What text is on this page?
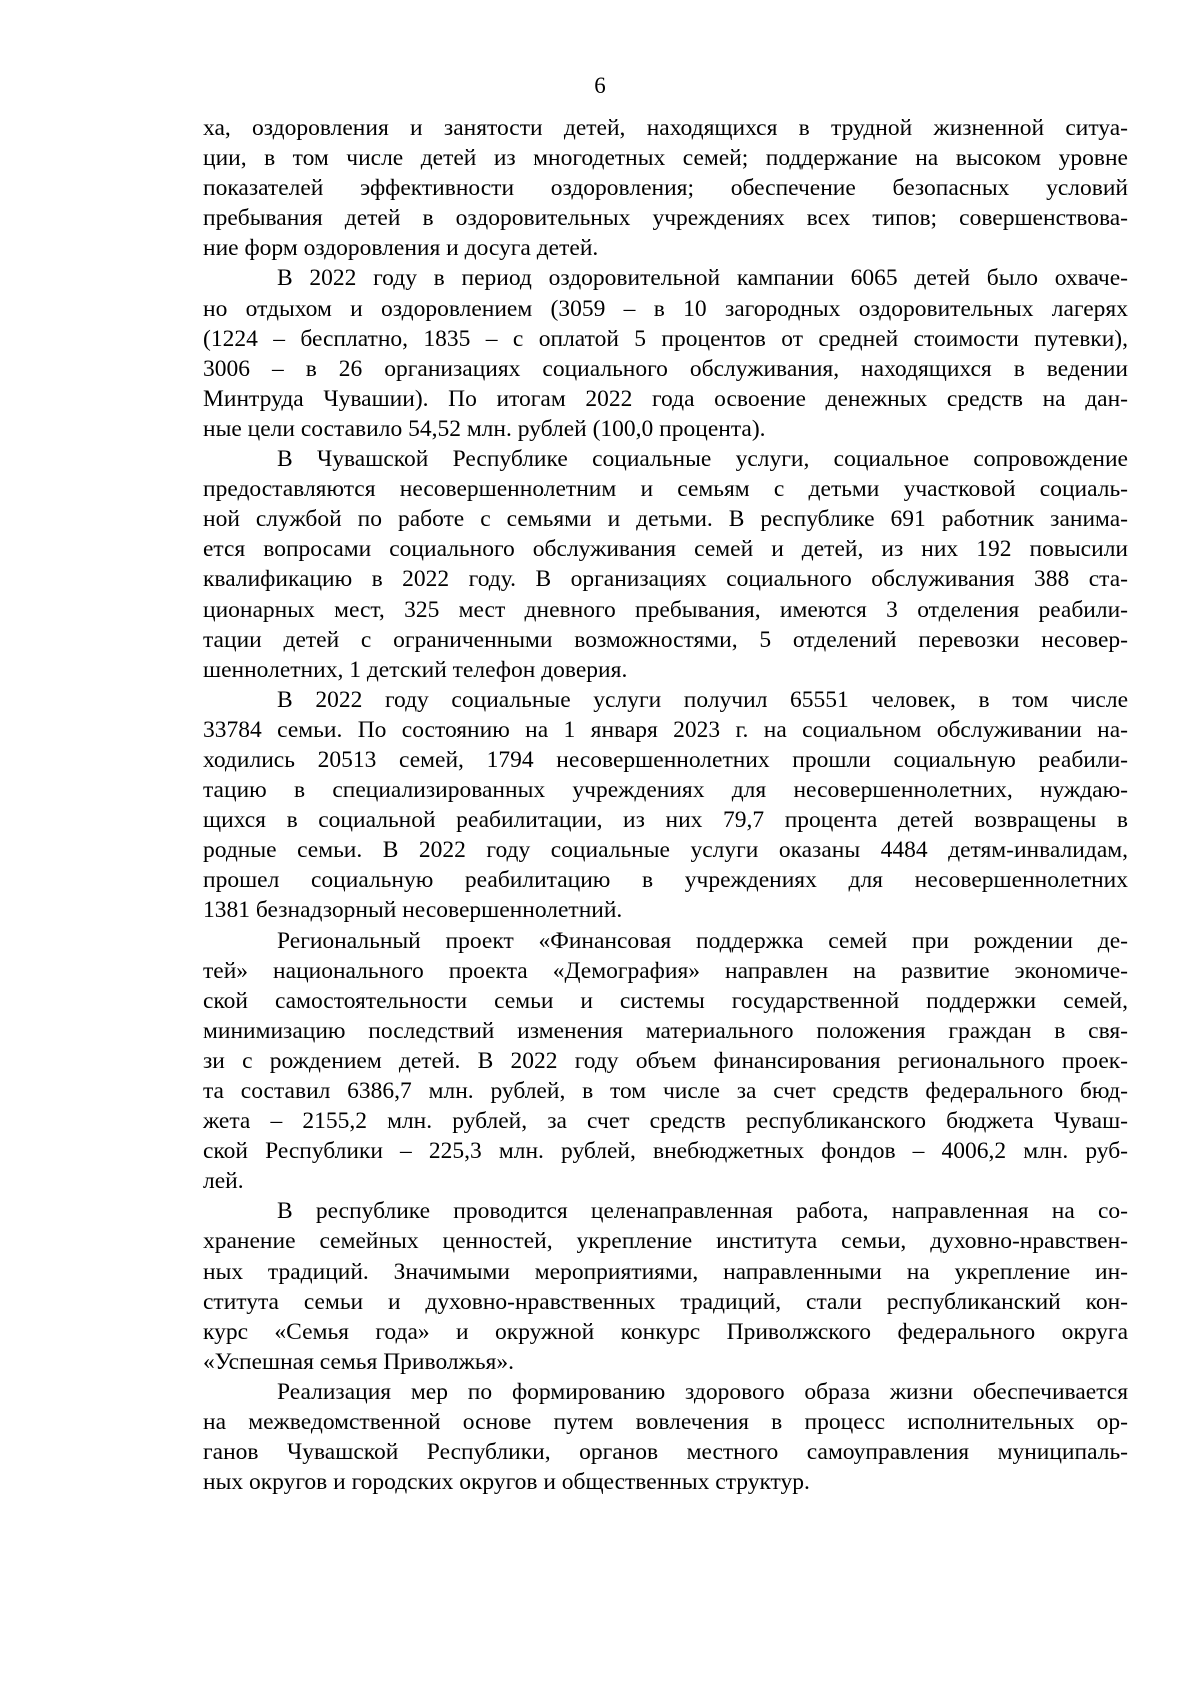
6
ха, оздоровления и занятости детей, находящихся в трудной жизненной ситуа-
ции, в том числе детей из многодетных семей; поддержание на высоком уровне
показателей эффективности оздоровления; обеспечение безопасных условий
пребывания детей в оздоровительных учреждениях всех типов; совершенствова-
ние форм оздоровления и досуга детей.
В 2022 году в период оздоровительной кампании 6065 детей было охваче-
но отдыхом и оздоровлением (3059 – в 10 загородных оздоровительных лагерях
(1224 – бесплатно, 1835 – с оплатой 5 процентов от средней стоимости путевки),
3006 – в 26 организациях социального обслуживания, находящихся в ведении
Минтруда Чувашии). По итогам 2022 года освоение денежных средств на дан-
ные цели составило 54,52 млн. рублей (100,0 процента).
В Чувашской Республике социальные услуги, социальное сопровождение
предоставляются несовершеннолетним и семьям с детьми участковой социаль-
ной службой по работе с семьями и детьми. В республике 691 работник занима-
ется вопросами социального обслуживания семей и детей, из них 192 повысили
квалификацию в 2022 году. В организациях социального обслуживания 388 ста-
ционарных мест, 325 мест дневного пребывания, имеются 3 отделения реабили-
тации детей с ограниченными возможностями, 5 отделений перевозки несовер-
шеннолетних, 1 детский телефон доверия.
В 2022 году социальные услуги получил 65551 человек, в том числе
33784 семьи. По состоянию на 1 января 2023 г. на социальном обслуживании на-
ходились 20513 семей, 1794 несовершеннолетних прошли социальную реабили-
тацию в специализированных учреждениях для несовершеннолетних, нуждаю-
щихся в социальной реабилитации, из них 79,7 процента детей возвращены в
родные семьи. В 2022 году социальные услуги оказаны 4484 детям-инвалидам,
прошел социальную реабилитацию в учреждениях для несовершеннолетних
1381 безнадзорный несовершеннолетний.
Региональный проект «Финансовая поддержка семей при рождении де-
тей» национального проекта «Демография» направлен на развитие экономиче-
ской самостоятельности семьи и системы государственной поддержки семей,
минимизацию последствий изменения материального положения граждан в свя-
зи с рождением детей. В 2022 году объем финансирования регионального проек-
та составил 6386,7 млн. рублей, в том числе за счет средств федерального бюд-
жета – 2155,2 млн. рублей, за счет средств республиканского бюджета Чуваш-
ской Республики – 225,3 млн. рублей, внебюджетных фондов – 4006,2 млн. руб-
лей.
В республике проводится целенаправленная работа, направленная на со-
хранение семейных ценностей, укрепление института семьи, духовно-нравствен-
ных традиций. Значимыми мероприятиями, направленными на укрепление ин-
ститута семьи и духовно-нравственных традиций, стали республиканский кон-
курс «Семья года» и окружной конкурс Приволжского федерального округа
«Успешная семья Приволжья».
Реализация мер по формированию здорового образа жизни обеспечивается
на межведомственной основе путем вовлечения в процесс исполнительных ор-
ганов Чувашской Республики, органов местного самоуправления муниципаль-
ных округов и городских округов и общественных структур.
